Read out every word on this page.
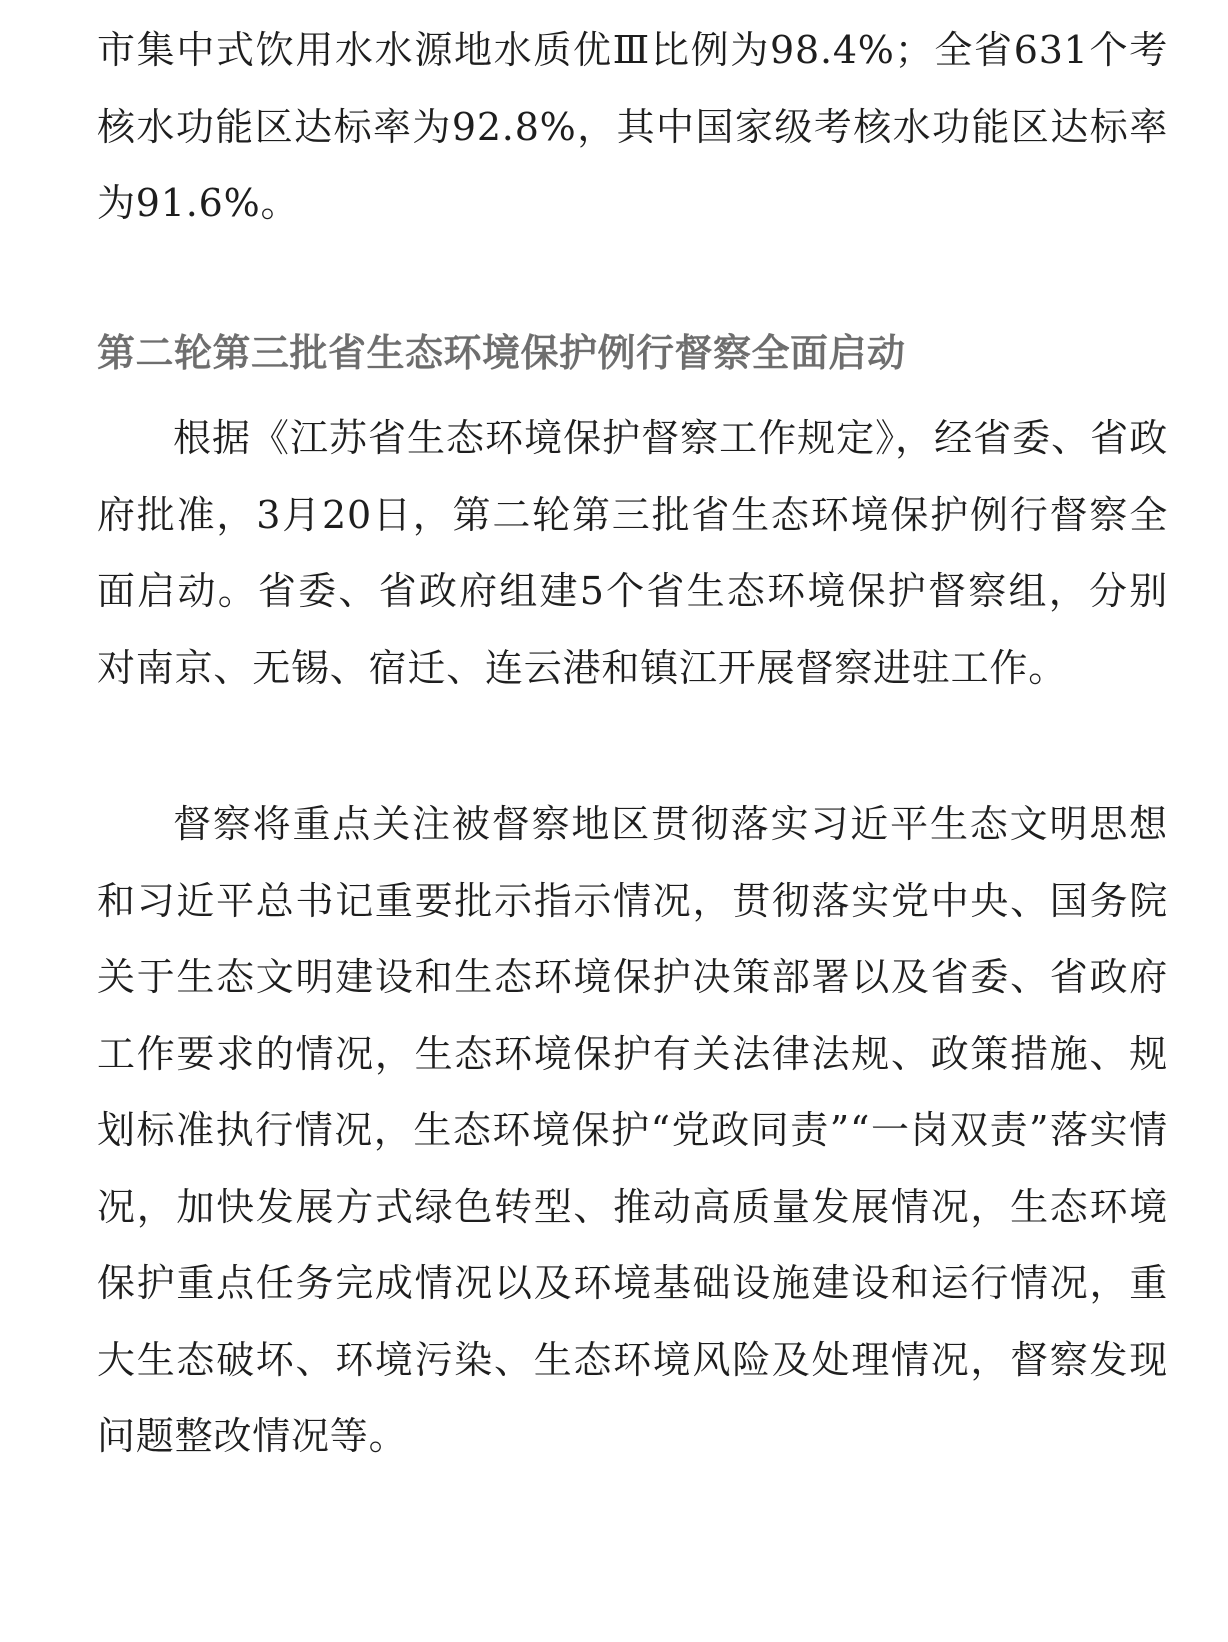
市集中式饮用水水源地水质优Ⅲ比例为98.4%；全省631个考核水功能区达标率为92.8%，其中国家级考核水功能区达标率为91.6%。

第二轮第三批省生态环境保护例行督察全面启动

根据《江苏省生态环境保护督察工作规定》，经省委、省政府批准，3月20日，第二轮第三批省生态环境保护例行督察全面启动。省委、省政府组建5个省生态环境保护督察组，分别对南京、无锡、宿迁、连云港和镇江开展督察进驻工作。

督察将重点关注被督察地区贯彻落实习近平生态文明思想和习近平总书记重要批示指示情况，贯彻落实党中央、国务院关于生态文明建设和生态环境保护决策部署以及省委、省政府工作要求的情况，生态环境保护有关法律法规、政策措施、规划标准执行情况，生态环境保护“党政同责”“一岗双责”落实情况，加快发展方式绿色转型、推动高质量发展情况，生态环境保护重点任务完成情况以及环境基础设施建设和运行情况，重大生态破坏、环境污染、生态环境风险及处理情况，督察发现问题整改情况等。
